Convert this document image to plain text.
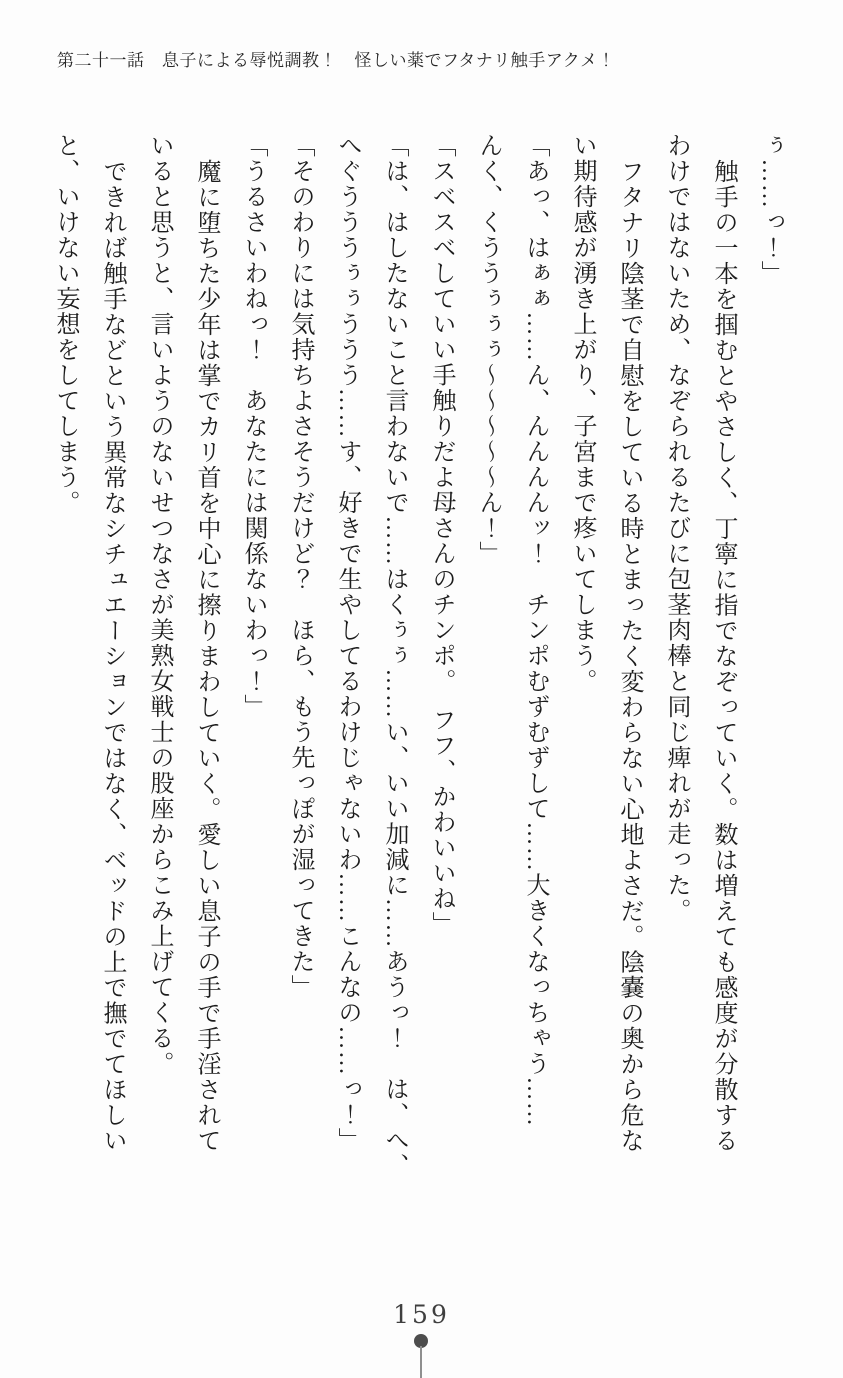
第二十一話　息子による辱悦調教！　怪しい薬でフタナリ触手アクメ！
ぅ……っ！」
触手の一本を掴むとやさしく、丁寧に指でなぞっていく。数は増えても感度が分散する
わけではないため、なぞられるたびに包茎肉棒と同じ痺れが走った。
フタナリ陰茎で自慰をしている時とまったく変わらない心地よさだ。陰嚢の奥から危な
い期待感が湧き上がり、子宮まで疼いてしまう。
「あっ、はぁぁ……ん、んんんんッ！　チンポむずむずして……大きくなっちゃう……
んく、くううぅぅぅ～～～～～ん！」
「スベスベしていい手触りだよ母さんのチンポ。　フフ、かわいいね」
「は、はしたないこと言わないで……はくぅぅ……い、いい加減に……あうっ！　は、へ、
へぐうううぅぅううう……す、好きで生やしてるわけじゃないわ……こんなの……っ！」
「そのわりには気持ちよさそうだけど？　ほら、もう先っぽが湿ってきた」
「うるさいわねっ！　あなたには関係ないわっ！」
魔に堕ちた少年は掌でカリ首を中心に擦りまわしていく。愛しい息子の手で手淫されて
いると思うと、言いようのないせつなさが美熟女戦士の股座からこみ上げてくる。
できれば触手などという異常なシチュエーションではなく、ベッドの上で撫でてほしい
と、いけない妄想をしてしまう。
159
